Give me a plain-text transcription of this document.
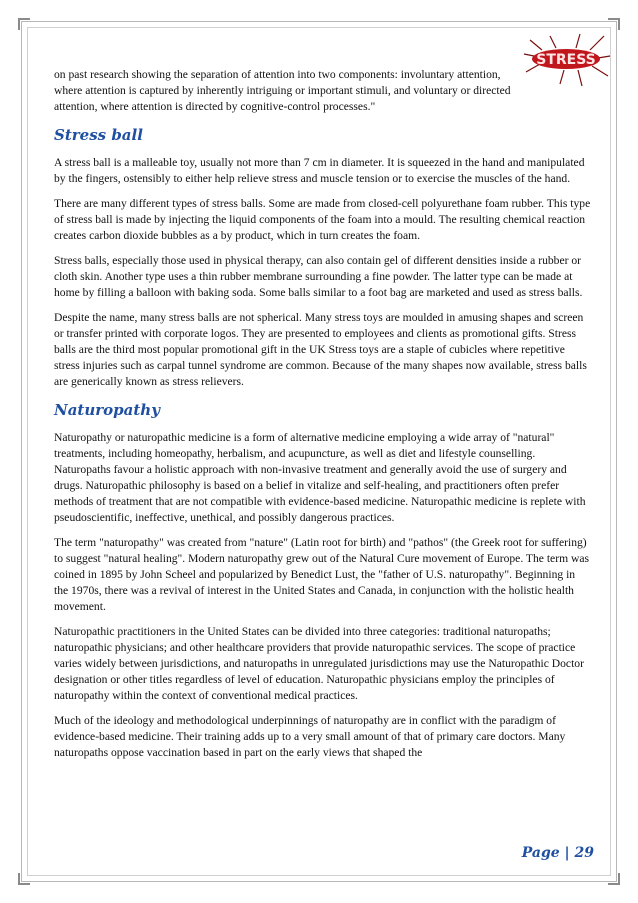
STRESS

on past research showing the separation of attention into two components: involuntary attention, where attention is captured by inherently intriguing or important stimuli, and voluntary or directed attention, where attention is directed by cognitive-control processes."

Stress ball

A stress ball is a malleable toy, usually not more than 7 cm in diameter. It is squeezed in the hand and manipulated by the fingers, ostensibly to either help relieve stress and muscle tension or to exercise the muscles of the hand.

There are many different types of stress balls. Some are made from closed-cell polyurethane foam rubber. This type of stress ball is made by injecting the liquid components of the foam into a mould. The resulting chemical reaction creates carbon dioxide bubbles as a by product, which in turn creates the foam.

Stress balls, especially those used in physical therapy, can also contain gel of different densities inside a rubber or cloth skin. Another type uses a thin rubber membrane surrounding a fine powder. The latter type can be made at home by filling a balloon with baking soda. Some balls similar to a foot bag are marketed and used as stress balls.

Despite the name, many stress balls are not spherical. Many stress toys are moulded in amusing shapes and screen or transfer printed with corporate logos. They are presented to employees and clients as promotional gifts. Stress balls are the third most popular promotional gift in the UK Stress toys are a staple of cubicles where repetitive stress injuries such as carpal tunnel syndrome are common. Because of the many shapes now available, stress balls are generically known as stress relievers.

Naturopathy

Naturopathy or naturopathic medicine is a form of alternative medicine employing a wide array of "natural" treatments, including homeopathy, herbalism, and acupuncture, as well as diet and lifestyle counselling. Naturopaths favour a holistic approach with non-invasive treatment and generally avoid the use of surgery and drugs. Naturopathic philosophy is based on a belief in vitalize and self-healing, and practitioners often prefer methods of treatment that are not compatible with evidence-based medicine. Naturopathic medicine is replete with pseudoscientific, ineffective, unethical, and possibly dangerous practices.

The term "naturopathy" was created from "nature" (Latin root for birth) and "pathos" (the Greek root for suffering) to suggest "natural healing". Modern naturopathy grew out of the Natural Cure movement of Europe. The term was coined in 1895 by John Scheel and popularized by Benedict Lust, the "father of U.S. naturopathy". Beginning in the 1970s, there was a revival of interest in the United States and Canada, in conjunction with the holistic health movement.

Naturopathic practitioners in the United States can be divided into three categories: traditional naturopaths; naturopathic physicians; and other healthcare providers that provide naturopathic services. The scope of practice varies widely between jurisdictions, and naturopaths in unregulated jurisdictions may use the Naturopathic Doctor designation or other titles regardless of level of education. Naturopathic physicians employ the principles of naturopathy within the context of conventional medical practices.

Much of the ideology and methodological underpinnings of naturopathy are in conflict with the paradigm of evidence-based medicine. Their training adds up to a very small amount of that of primary care doctors. Many naturopaths oppose vaccination based in part on the early views that shaped the

Page | 29
